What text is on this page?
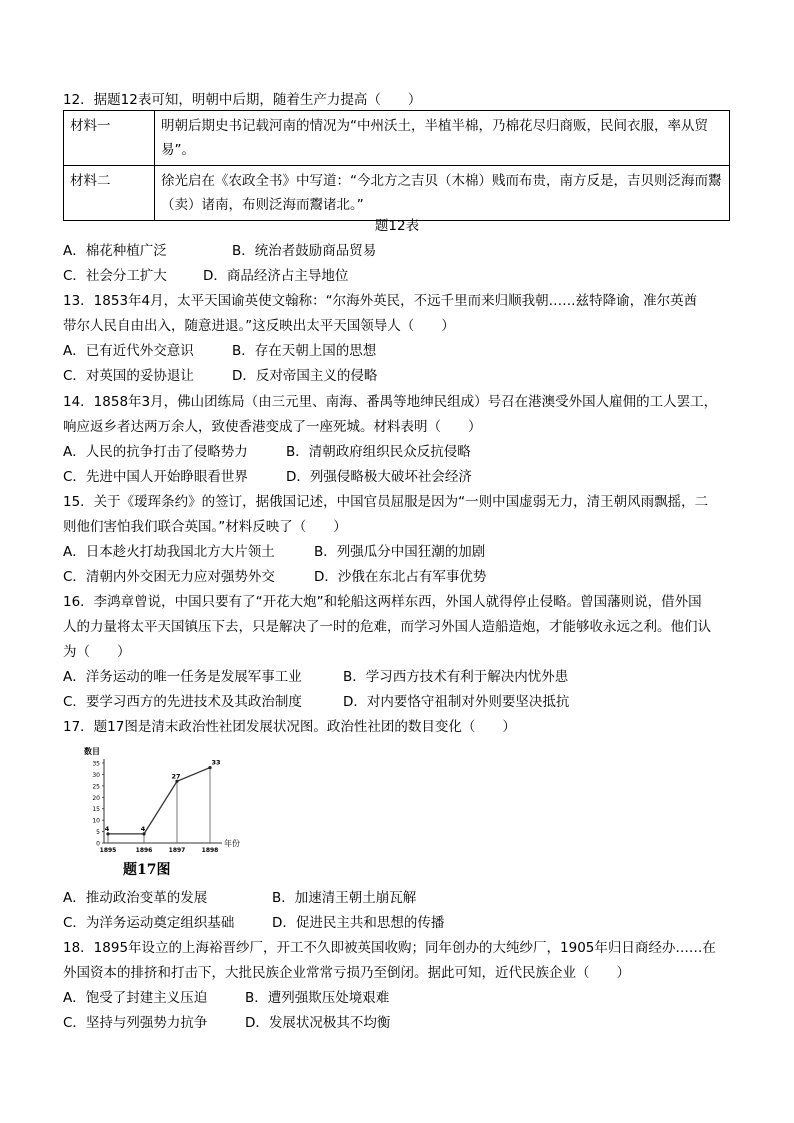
12．据题12表可知，明朝中后期，随着生产力提高（　　）
材料一	明朝后期史书记载河南的情况为“中州沃土，半植半棉，乃棉花尽归商贩，民间衣服，率从贸易”。
材料二	徐光启在《农政全书》中写道：“今北方之吉贝（木棉）贱而布贵，南方反是，吉贝则泛海而鬻（卖）诸南，布则泛海而鬻诸北。”
题12表
A．棉花种植广泛	B．统治者鼓励商品贸易
C．社会分工扩大	D．商品经济占主导地位
13．1853年4月，太平天国谕英使文翰称：“尔海外英民，不远千里而来归顺我朝……兹特降谕，准尔英酋
带尔人民自由出入，随意进退。”这反映出太平天国领导人（　　）
A．已有近代外交意识	B．存在天朝上国的思想
C．对英国的妥协退让	D．反对帝国主义的侵略
14．1858年3月，佛山团练局（由三元里、南海、番禺等地绅民组成）号召在港澳受外国人雇佣的工人罢工，
响应返乡者达两万余人，致使香港变成了一座死城。材料表明（　　）
A．人民的抗争打击了侵略势力	B．清朝政府组织民众反抗侵略
C．先进中国人开始睁眼看世界	D．列强侵略极大破坏社会经济
15．关于《瑷珲条约》的签订，据俄国记述，中国官员屈服是因为“一则中国虚弱无力，清王朝风雨飘摇，二
则他们害怕我们联合英国。”材料反映了（　　）
A．日本趁火打劫我国北方大片领土	B．列强瓜分中国狂潮的加剧
C．清朝内外交困无力应对强势外交	D．沙俄在东北占有军事优势
16．李鸿章曾说，中国只要有了“开花大炮”和轮船这两样东西，外国人就得停止侵略。曾国藩则说，借外国
人的力量将太平天国镇压下去，只是解决了一时的危难，而学习外国人造船造炮，才能够收永远之利。他们认
为（　　）
A．洋务运动的唯一任务是发展军事工业	B．学习西方技术有利于解决内忧外患
C．要学习西方的先进技术及其政治制度	D．对内要恪守祖制对外则要坚决抵抗
17．题17图是清末政治性社团发展状况图。政治性社团的数目变化（　　）
数目
年份
0
5
10
15
20
25
30
35
1895	1896	1897	1898
4	4
27
33
题17图
A．推动政治变革的发展	B．加速清王朝土崩瓦解
C．为洋务运动奠定组织基础	D．促进民主共和思想的传播
18．1895年设立的上海裕晋纱厂，开工不久即被英国收购；同年创办的大纯纱厂，1905年归日商经办……在
外国资本的排挤和打击下，大批民族企业常常亏损乃至倒闭。据此可知，近代民族企业（　　）
A．饱受了封建主义压迫	B．遭列强欺压处境艰难
C．坚持与列强势力抗争	D．发展状况极其不均衡
